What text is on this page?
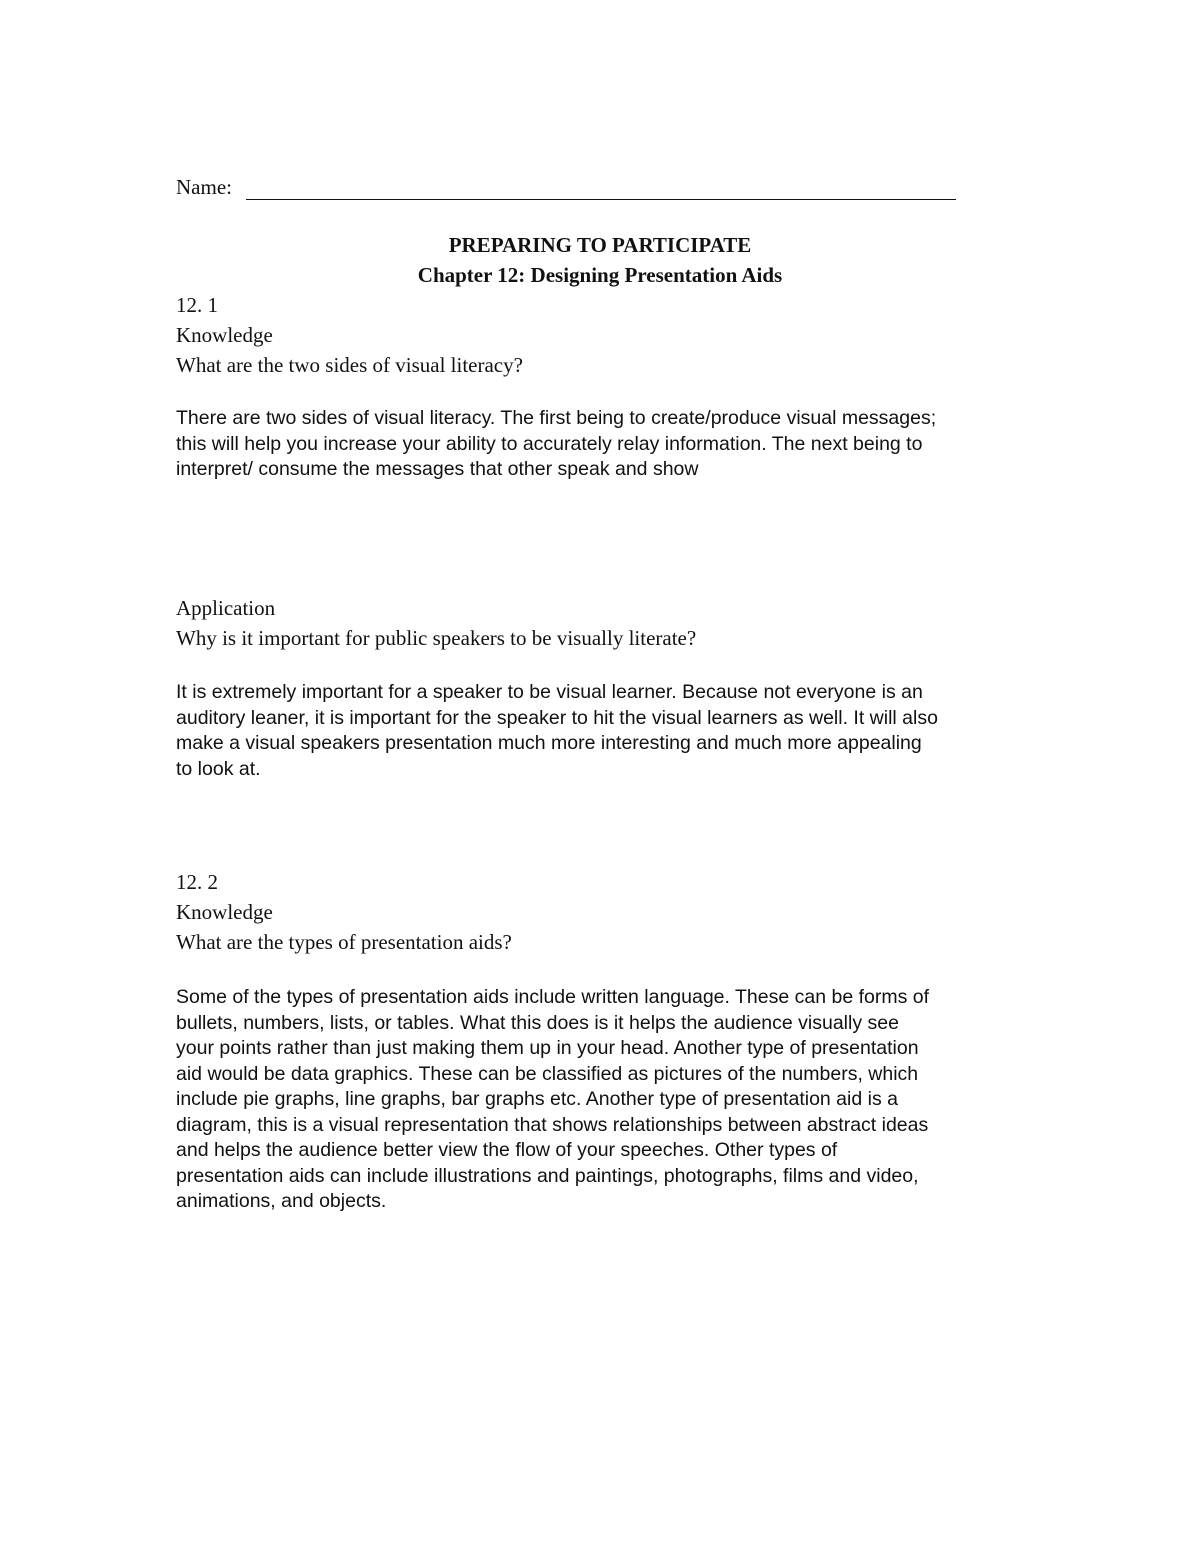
Name:
PREPARING TO PARTICIPATE
Chapter 12: Designing Presentation Aids
12. 1
Knowledge
What are the two sides of visual literacy?
There are two sides of visual literacy. The first being to create/produce visual messages;
this will help you increase your ability to accurately relay information. The next being to
interpret/ consume the messages that other speak and show
Application
Why is it important for public speakers to be visually literate?
It is extremely important for a speaker to be visual learner. Because not everyone is an
auditory leaner, it is important for the speaker to hit the visual learners as well. It will also
make a visual speakers presentation much more interesting and much more appealing
to look at.
12. 2
Knowledge
What are the types of presentation aids?
Some of the types of presentation aids include written language. These can be forms of
bullets, numbers, lists, or tables. What this does is it helps the audience visually see
your points rather than just making them up in your head. Another type of presentation
aid would be data graphics. These can be classified as pictures of the numbers, which
include pie graphs, line graphs, bar graphs etc. Another type of presentation aid is a
diagram, this is a visual representation that shows relationships between abstract ideas
and helps the audience better view the flow of your speeches. Other types of
presentation aids can include illustrations and paintings, photographs, films and video,
animations, and objects.
